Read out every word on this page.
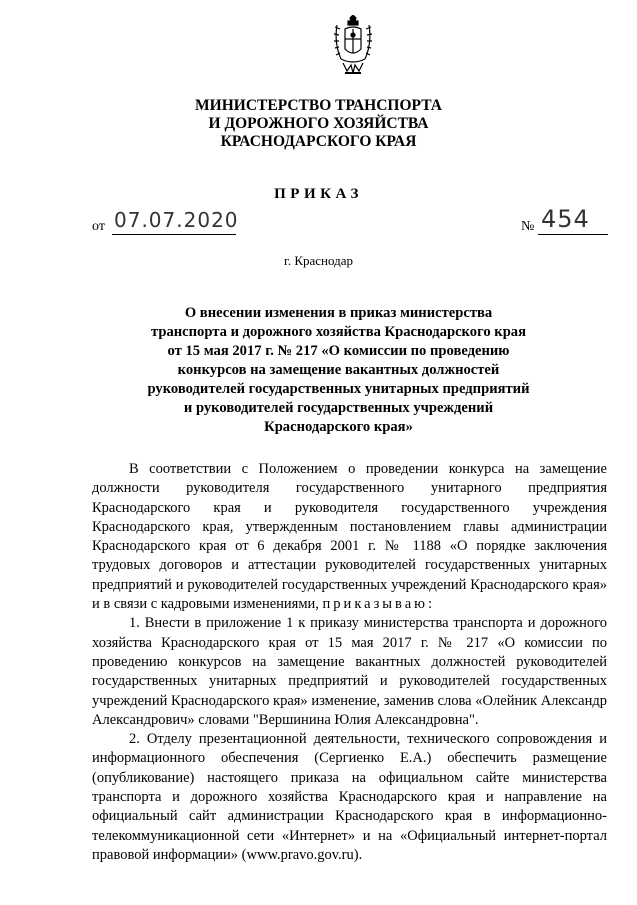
МИНИСТЕРСТВО ТРАНСПОРТА
И ДОРОЖНОГО ХОЗЯЙСТВА
КРАСНОДАРСКОГО КРАЯ
ПРИКАЗ
от 07.07.2020	№ 454
г. Краснодар
О внесении изменения в приказ министерства
транспорта и дорожного хозяйства Краснодарского края
от 15 мая 2017 г. № 217 «О комиссии по проведению
конкурсов на замещение вакантных должностей
руководителей государственных унитарных предприятий
и руководителей государственных учреждений
Краснодарского края»

В соответствии с Положением о проведении конкурса на замещение должности руководителя государственного унитарного предприятия Краснодарского края и руководителя государственного учреждения Краснодарского края, утвержденным постановлением главы администрации Краснодарского края от 6 декабря 2001 г. № 1188 «О порядке заключения трудовых договоров и аттестации руководителей государственных унитарных предприятий и руководителей государственных учреждений Краснодарского края» и в связи с кадровыми изменениями, приказываю:

1. Внести в приложение 1 к приказу министерства транспорта и дорожного хозяйства Краснодарского края от 15 мая 2017 г. № 217 «О комиссии по проведению конкурсов на замещение вакантных должностей руководителей государственных унитарных предприятий и руководителей государственных учреждений Краснодарского края» изменение, заменив слова «Олейник Александр Александрович» словами "Вершинина Юлия Александровна".

2. Отделу презентационной деятельности, технического сопровождения и информационного обеспечения (Сергиенко Е.А.) обеспечить размещение (опубликование) настоящего приказа на официальном сайте министерства транспорта и дорожного хозяйства Краснодарского края и направление на официальный сайт администрации Краснодарского края в информационно-телекоммуникационной сети «Интернет» и на «Официальный интернет-портал правовой информации» (www.pravo.gov.ru).
